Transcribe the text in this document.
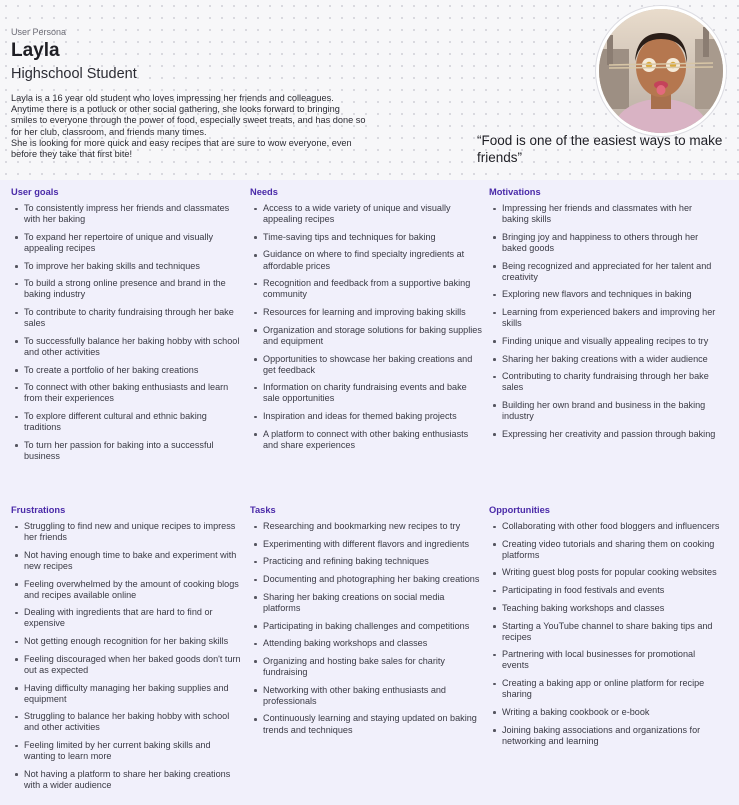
User Persona
Layla
Highschool Student

Layla is a 16 year old student who loves impressing her friends and colleagues. Anytime there is a potluck or other social gathering, she looks forward to bringing smiles to everyone through the power of food, especially sweet treats, and has done so for her club, classroom, and friends many times.

She is looking for more quick and easy recipes that are sure to wow everyone, even before they take that first bite!

“Food is one of the easiest ways to make friends”
User goals
To consistently impress her friends and classmates with her baking
To expand her repertoire of unique and visually appealing recipes
To improve her baking skills and techniques
To build a strong online presence and brand in the baking industry
To contribute to charity fundraising through her bake sales
To successfully balance her baking hobby with school and other activities
To create a portfolio of her baking creations
To connect with other baking enthusiasts and learn from their experiences
To explore different cultural and ethnic baking traditions
To turn her passion for baking into a successful business
Needs
Access to a wide variety of unique and visually appealing recipes
Time-saving tips and techniques for baking
Guidance on where to find specialty ingredients at affordable prices
Recognition and feedback from a supportive baking community
Resources for learning and improving baking skills
Organization and storage solutions for baking supplies and equipment
Opportunities to showcase her baking creations and get feedback
Information on charity fundraising events and bake sale opportunities
Inspiration and ideas for themed baking projects
A platform to connect with other baking enthusiasts and share experiences
Motivations
Impressing her friends and classmates with her baking skills
Bringing joy and happiness to others through her baked goods
Being recognized and appreciated for her talent and creativity
Exploring new flavors and techniques in baking
Learning from experienced bakers and improving her skills
Finding unique and visually appealing recipes to try
Sharing her baking creations with a wider audience
Contributing to charity fundraising through her bake sales
Building her own brand and business in the baking industry
Expressing her creativity and passion through baking
Frustrations
Struggling to find new and unique recipes to impress her friends
Not having enough time to bake and experiment with new recipes
Feeling overwhelmed by the amount of cooking blogs and recipes available online
Dealing with ingredients that are hard to find or expensive
Not getting enough recognition for her baking skills
Feeling discouraged when her baked goods don't turn out as expected
Having difficulty managing her baking supplies and equipment
Struggling to balance her baking hobby with school and other activities
Feeling limited by her current baking skills and wanting to learn more
Not having a platform to share her baking creations with a wider audience
Tasks
Researching and bookmarking new recipes to try
Experimenting with different flavors and ingredients
Practicing and refining baking techniques
Documenting and photographing her baking creations
Sharing her baking creations on social media platforms
Participating in baking challenges and competitions
Attending baking workshops and classes
Organizing and hosting bake sales for charity fundraising
Networking with other baking enthusiasts and professionals
Continuously learning and staying updated on baking trends and techniques
Opportunities
Collaborating with other food bloggers and influencers
Creating video tutorials and sharing them on cooking platforms
Writing guest blog posts for popular cooking websites
Participating in food festivals and events
Teaching baking workshops and classes
Starting a YouTube channel to share baking tips and recipes
Partnering with local businesses for promotional events
Creating a baking app or online platform for recipe sharing
Writing a baking cookbook or e-book
Joining baking associations and organizations for networking and learning
